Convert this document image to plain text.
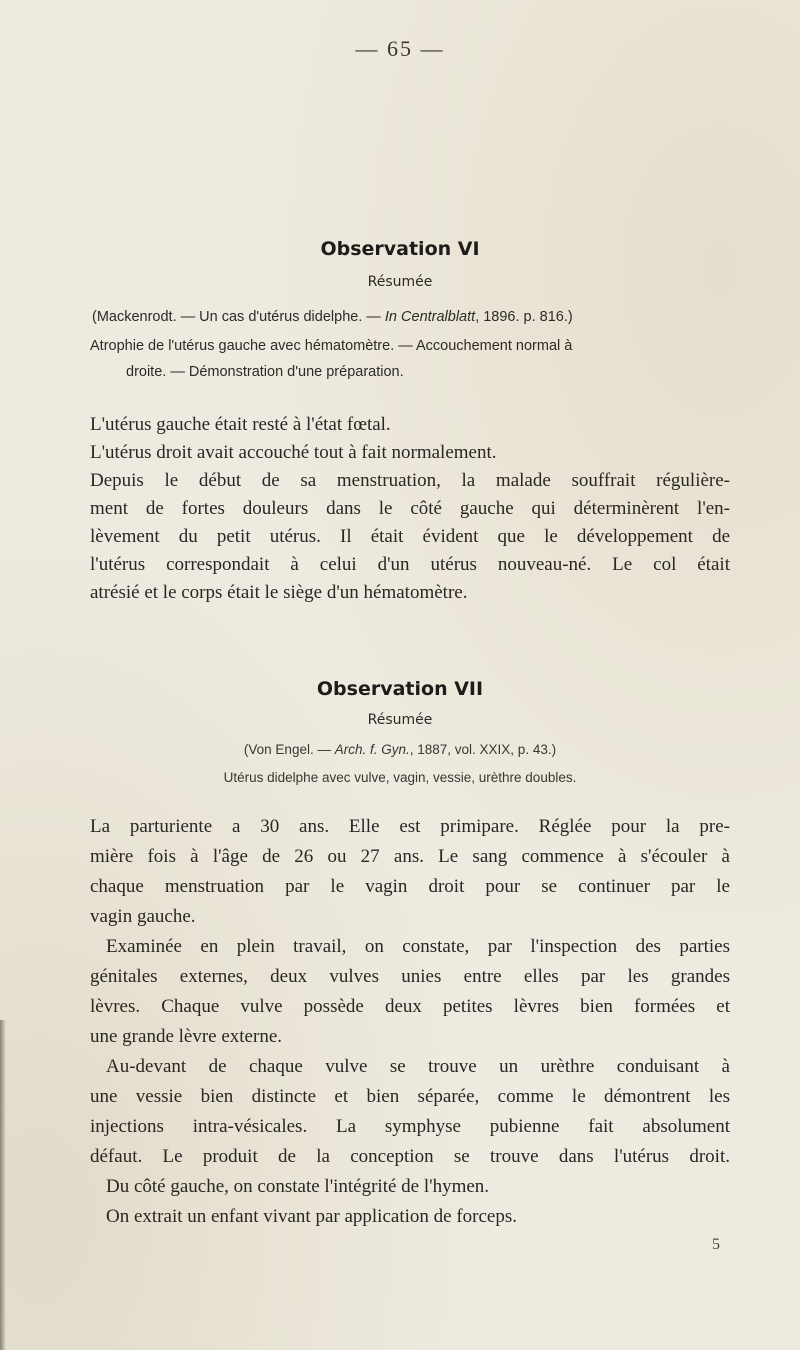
— 65 —
Observation VI
Résumée
(Mackenrodt. — Un cas d'utérus didelphe. — In Centralblatt, 1896. p. 816.)
Atrophie de l'utérus gauche avec hématomètre. — Accouchement normal à
droite. — Démonstration d'une préparation.
L'utérus gauche était resté à l'état fœtal.
L'utérus droit avait accouché tout à fait normalement.
Depuis le début de sa menstruation, la malade souffrait régulière-
ment de fortes douleurs dans le côté gauche qui déterminèrent l'en-
lèvement du petit utérus. Il était évident que le développement de
l'utérus correspondait à celui d'un utérus nouveau-né. Le col était
atrésié et le corps était le siège d'un hématomètre.
Observation VII
Résumée
(Von Engel. — Arch. f. Gyn., 1887, vol. XXIX, p. 43.)
Utérus didelphe avec vulve, vagin, vessie, urèthre doubles.
La parturiente a 30 ans. Elle est primipare. Réglée pour la pre-
mière fois à l'âge de 26 ou 27 ans. Le sang commence à s'écouler à
chaque menstruation par le vagin droit pour se continuer par le
vagin gauche.
Examinée en plein travail, on constate, par l'inspection des parties
génitales externes, deux vulves unies entre elles par les grandes
lèvres. Chaque vulve possède deux petites lèvres bien formées et
une grande lèvre externe.
Au-devant de chaque vulve se trouve un urèthre conduisant à
une vessie bien distincte et bien séparée, comme le démontrent les
injections intra-vésicales. La symphyse pubienne fait absolument
défaut. Le produit de la conception se trouve dans l'utérus droit.
Du côté gauche, on constate l'intégrité de l'hymen.
On extrait un enfant vivant par application de forceps.
5
